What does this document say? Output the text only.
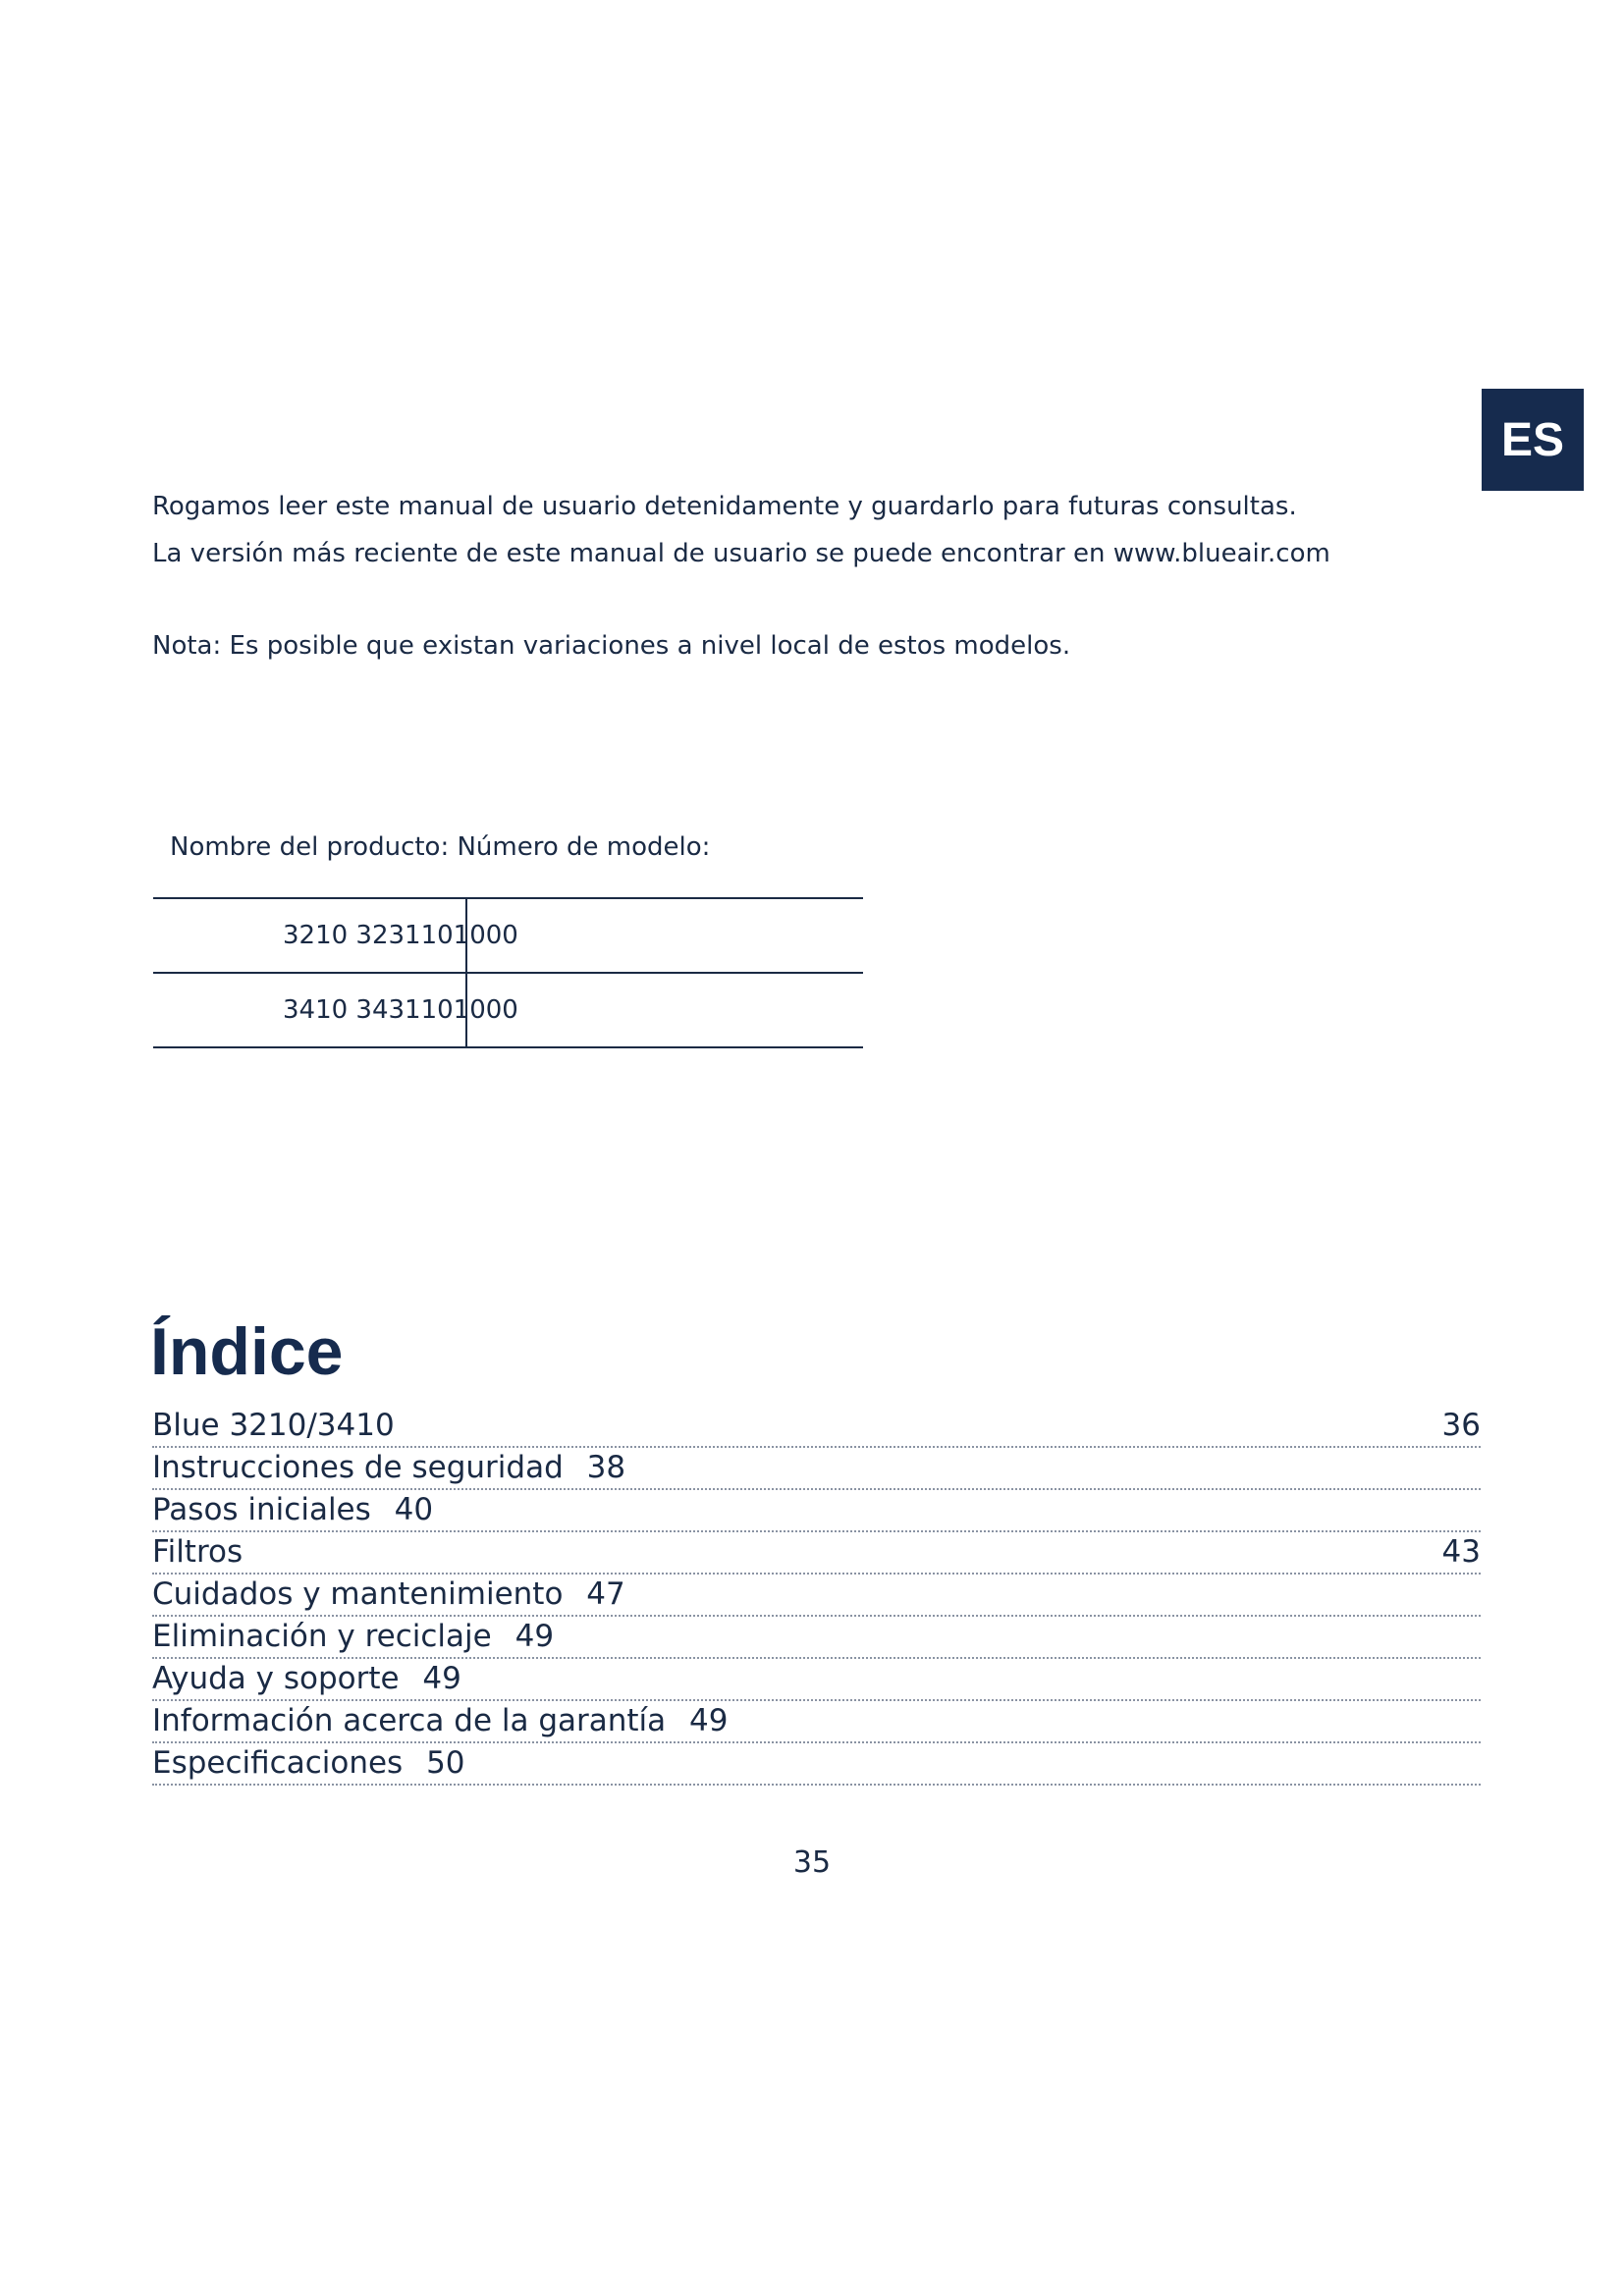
ES

Rogamos leer este manual de usuario detenidamente y guardarlo para futuras consultas.

La versión más reciente de este manual de usuario se puede encontrar en www.blueair.com

Nota: Es posible que existan variaciones a nivel local de estos modelos.

Nombre del producto: Número de modelo:
3210 3231101000
3410 3431101000
Índice
Blue 3210/3410	36
Instrucciones de seguridad 38
Pasos iniciales 40
Filtros	43
Cuidados y mantenimiento 47
Eliminación y reciclaje 49
Ayuda y soporte 49
Información acerca de la garantía 49
Especificaciones 50
35
